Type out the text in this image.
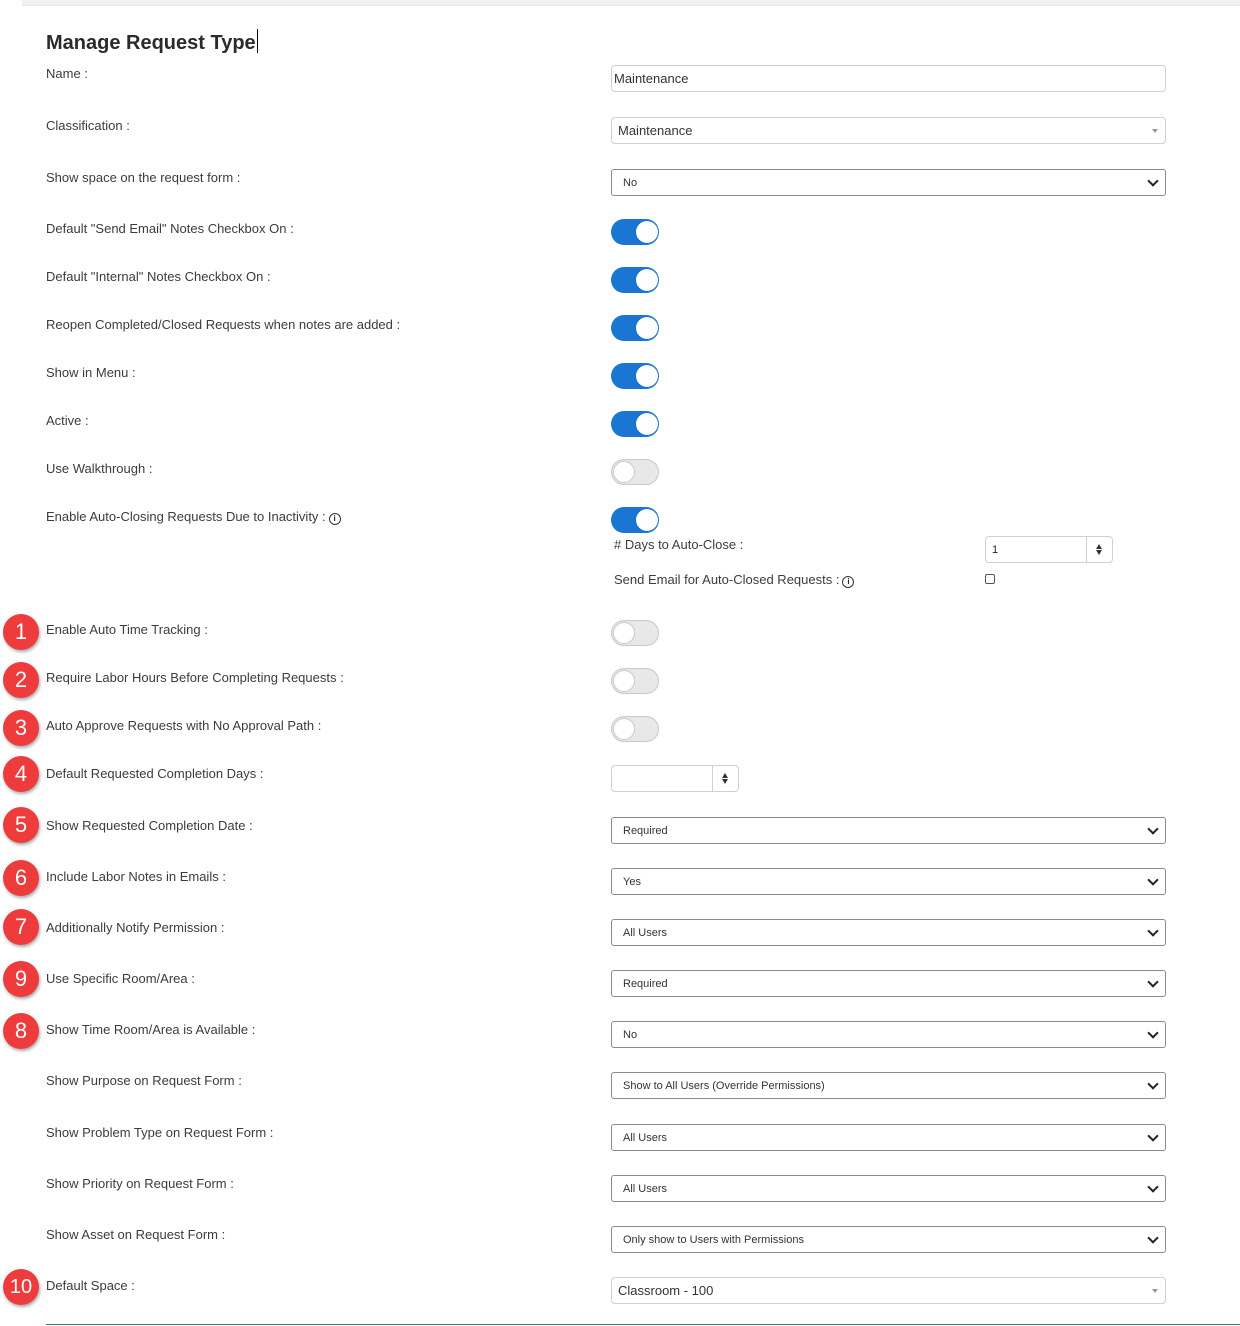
Manage Request Type
Name :	Maintenance
Classification :	Maintenance
Show space on the request form :	No
Default "Send Email" Notes Checkbox On :
Default "Internal" Notes Checkbox On :
Reopen Completed/Closed Requests when notes are added :
Show in Menu :
Active :
Use Walkthrough :
Enable Auto-Closing Requests Due to Inactivity : i
# Days to Auto-Close :	1
Send Email for Auto-Closed Requests : i
1	Enable Auto Time Tracking :
2	Require Labor Hours Before Completing Requests :
3	Auto Approve Requests with No Approval Path :
4	Default Requested Completion Days :
5	Show Requested Completion Date :	Required
6	Include Labor Notes in Emails :	Yes
7	Additionally Notify Permission :	All Users
9	Use Specific Room/Area :	Required
8	Show Time Room/Area is Available :	No
Show Purpose on Request Form :	Show to All Users (Override Permissions)
Show Problem Type on Request Form :	All Users
Show Priority on Request Form :	All Users
Show Asset on Request Form :	Only show to Users with Permissions
10	Default Space :	Classroom - 100
